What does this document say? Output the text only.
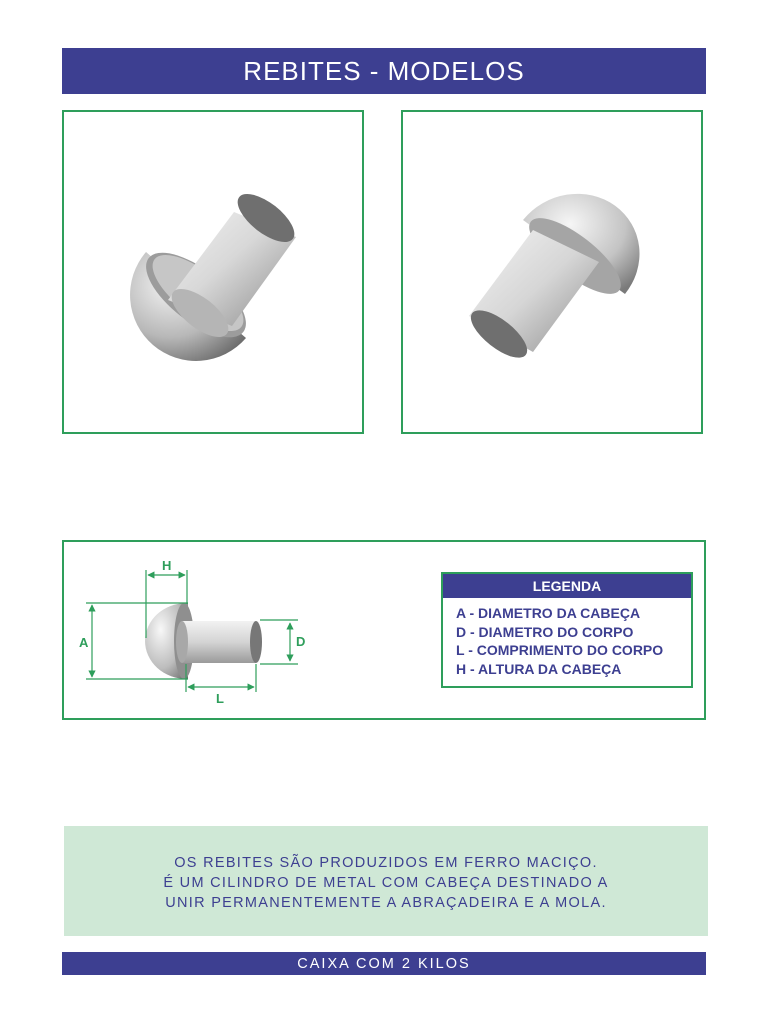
REBITES - MODELOS
H
A	D
L
LEGENDA
A - DIAMETRO DA CABEÇA
D - DIAMETRO DO CORPO
L - COMPRIMENTO DO CORPO
H - ALTURA DA CABEÇA

OS REBITES SÃO PRODUZIDOS EM FERRO MACIÇO.

É UM CILINDRO DE METAL COM CABEÇA DESTINADO A

UNIR PERMANENTEMENTE A ABRAÇADEIRA E A MOLA.

CAIXA COM 2 KILOS
